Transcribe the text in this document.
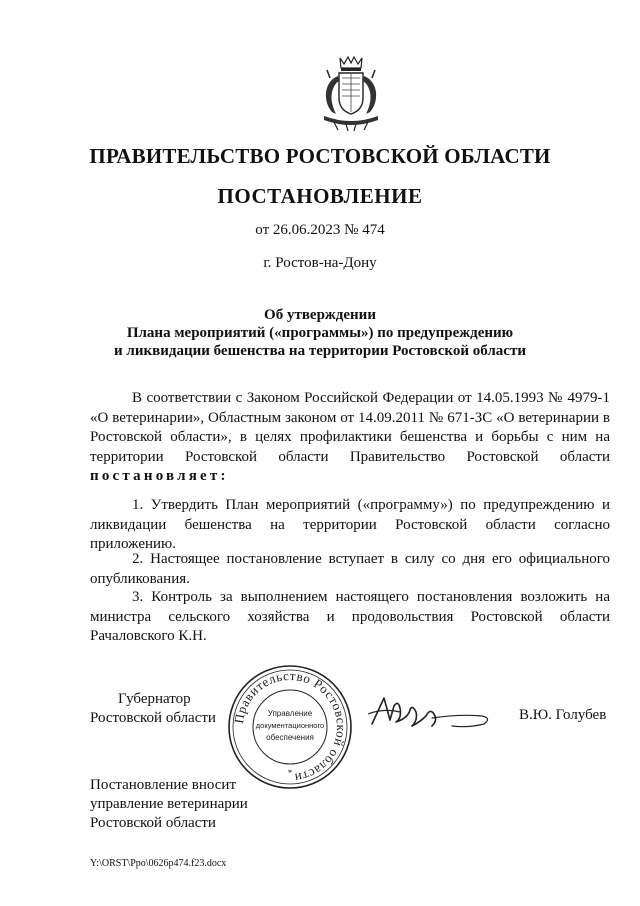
ПРАВИТЕЛЬСТВО РОСТОВСКОЙ ОБЛАСТИ
ПОСТАНОВЛЕНИЕ
от 26.06.2023 № 474
г. Ростов-на-Дону
Об утверждении
Плана мероприятий («программы») по предупреждению
и ликвидации бешенства на территории Ростовской области

В соответствии с Законом Российской Федерации от 14.05.1993 № 4979-1 «О ветеринарии», Областным законом от 14.09.2011 № 671-ЗС «О ветеринарии в Ростовской области», в целях профилактики бешенства и борьбы с ним на территории Ростовской области Правительство Ростовской области постановляет:

1. Утвердить План мероприятий («программу») по предупреждению и ликвидации бешенства на территории Ростовской области согласно приложению.

2. Настоящее постановление вступает в силу со дня его официального опубликования.

3. Контроль за выполнением настоящего постановления возложить на министра сельского хозяйства и продовольствия Ростовской области Рачаловского К.Н.

Губернатор
Ростовской области Правительство Ростовской области
Управление
документационного
обеспечения
*
В.Ю. Голубев
Постановление вносит
управление ветеринарии
Ростовской области
Y:\ORST\Ppo\0626p474.f23.docx
